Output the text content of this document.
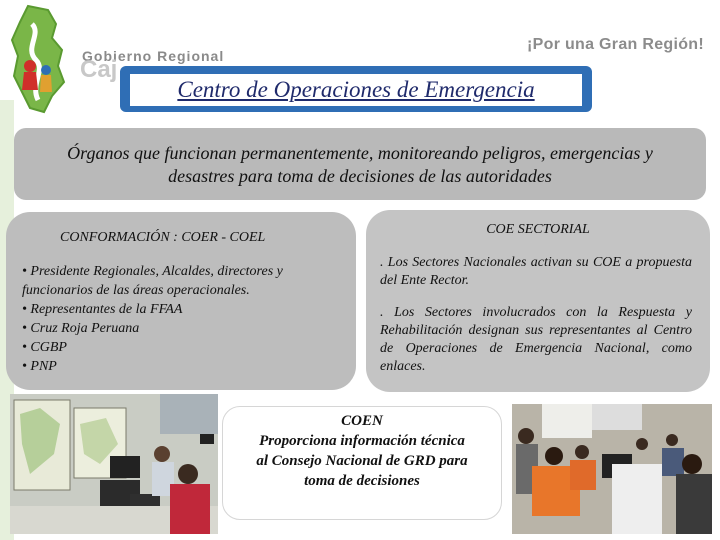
Gobierno Regional
Caj
¡Por una Gran Región!
Centro de Operaciones de Emergencia
Órganos que funcionan permanentemente, monitoreando peligros, emergencias y desastres para toma de decisiones de las autoridades
CONFORMACIÓN : COER - COEL
• Presidente Regionales, Alcaldes, directores y funcionarios de las áreas operacionales.
• Representantes de la FFAA
• Cruz Roja Peruana
• CGBP
• PNP
COE SECTORIAL
. Los Sectores Nacionales activan su COE a propuesta del Ente Rector.
. Los Sectores involucrados con la Respuesta y Rehabilitación designan sus representantes al Centro de Operaciones de Emergencia Nacional, como enlaces.
COEN
Proporciona información técnica
al Consejo Nacional de GRD para
toma de decisiones
